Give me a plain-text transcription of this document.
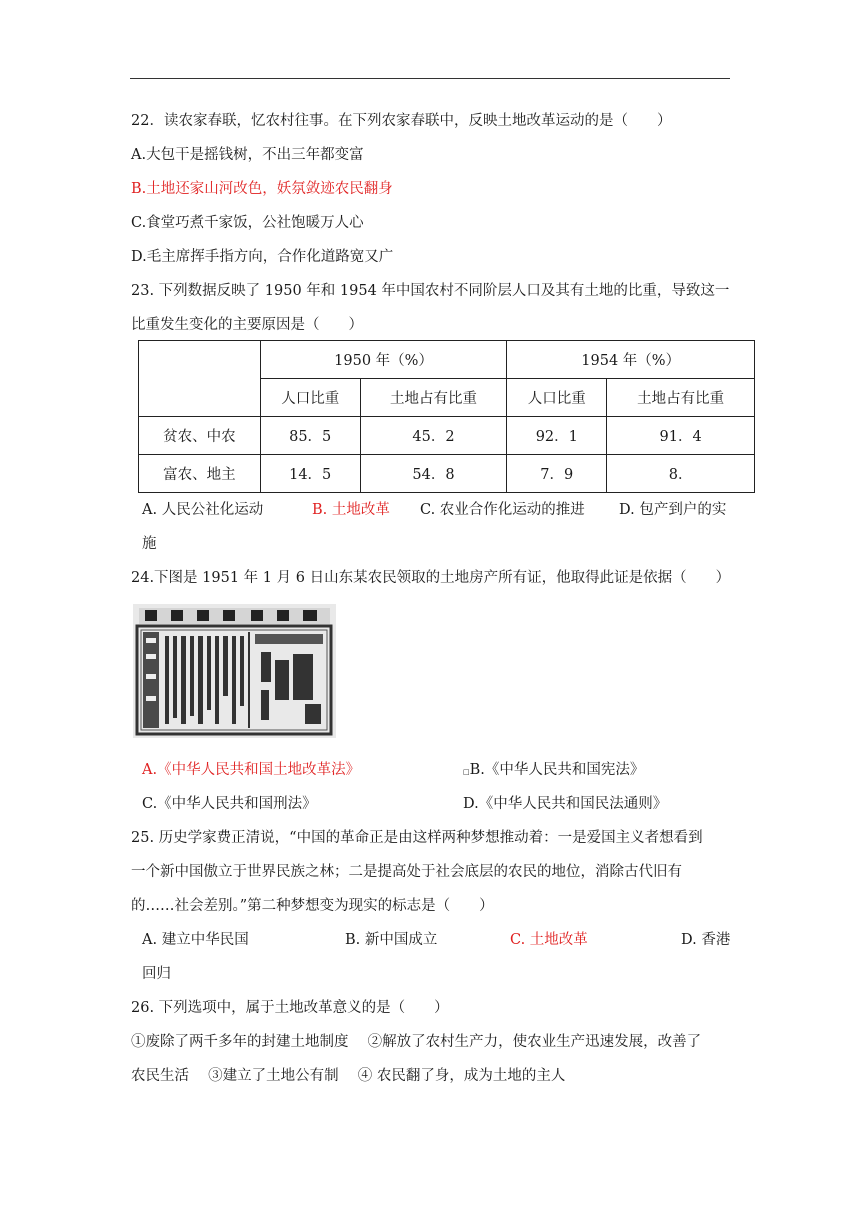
22．读农家春联，忆农村往事。在下列农家春联中，反映土地改革运动的是（　　）
A.大包干是摇钱树，不出三年都变富
B.土地还家山河改色，妖氛敛迹农民翻身
C.食堂巧煮千家饭，公社饱暖万人心
D.毛主席挥手指方向，合作化道路宽又广
23. 下列数据反映了 1950 年和 1954 年中国农村不同阶层人口及其有土地的比重，导致这一
比重发生变化的主要原因是（　　）
	1950 年（%）		1954 年（%）	
	人口比重	土地占有比重	人口比重	土地占有比重
贫农、中农	85．5	45．2	92．1	91．4
富农、地主	14．5	54．8	7．9	8．
A. 人民公社化运动	B. 土地改革 C. 农业合作化运动的推进 D. 包产到户的实
施
24.下图是 1951 年 1 月 6 日山东某农民领取的土地房产所有证，他取得此证是依据（　　）
A.《中华人民共和国土地改革法》	□B.《中华人民共和国宪法》
C.《中华人民共和国刑法》	D.《中华人民共和国民法通则》
25. 历史学家费正清说，“中国的革命正是由这样两种梦想推动着：一是爱国主义者想看到
一个新中国傲立于世界民族之林；二是提高处于社会底层的农民的地位，消除古代旧有
的……社会差别。”第二种梦想变为现实的标志是（　　）
A. 建立中华民国	B. 新中国成立	C. 土地改革	D. 香港
回归
26. 下列选项中，属于土地改革意义的是（　　）
①废除了两千多年的封建土地制度　 ②解放了农村生产力，使农业生产迅速发展，改善了
农民生活　 ③建立了土地公有制　 ④ 农民翻了身，成为土地的主人
